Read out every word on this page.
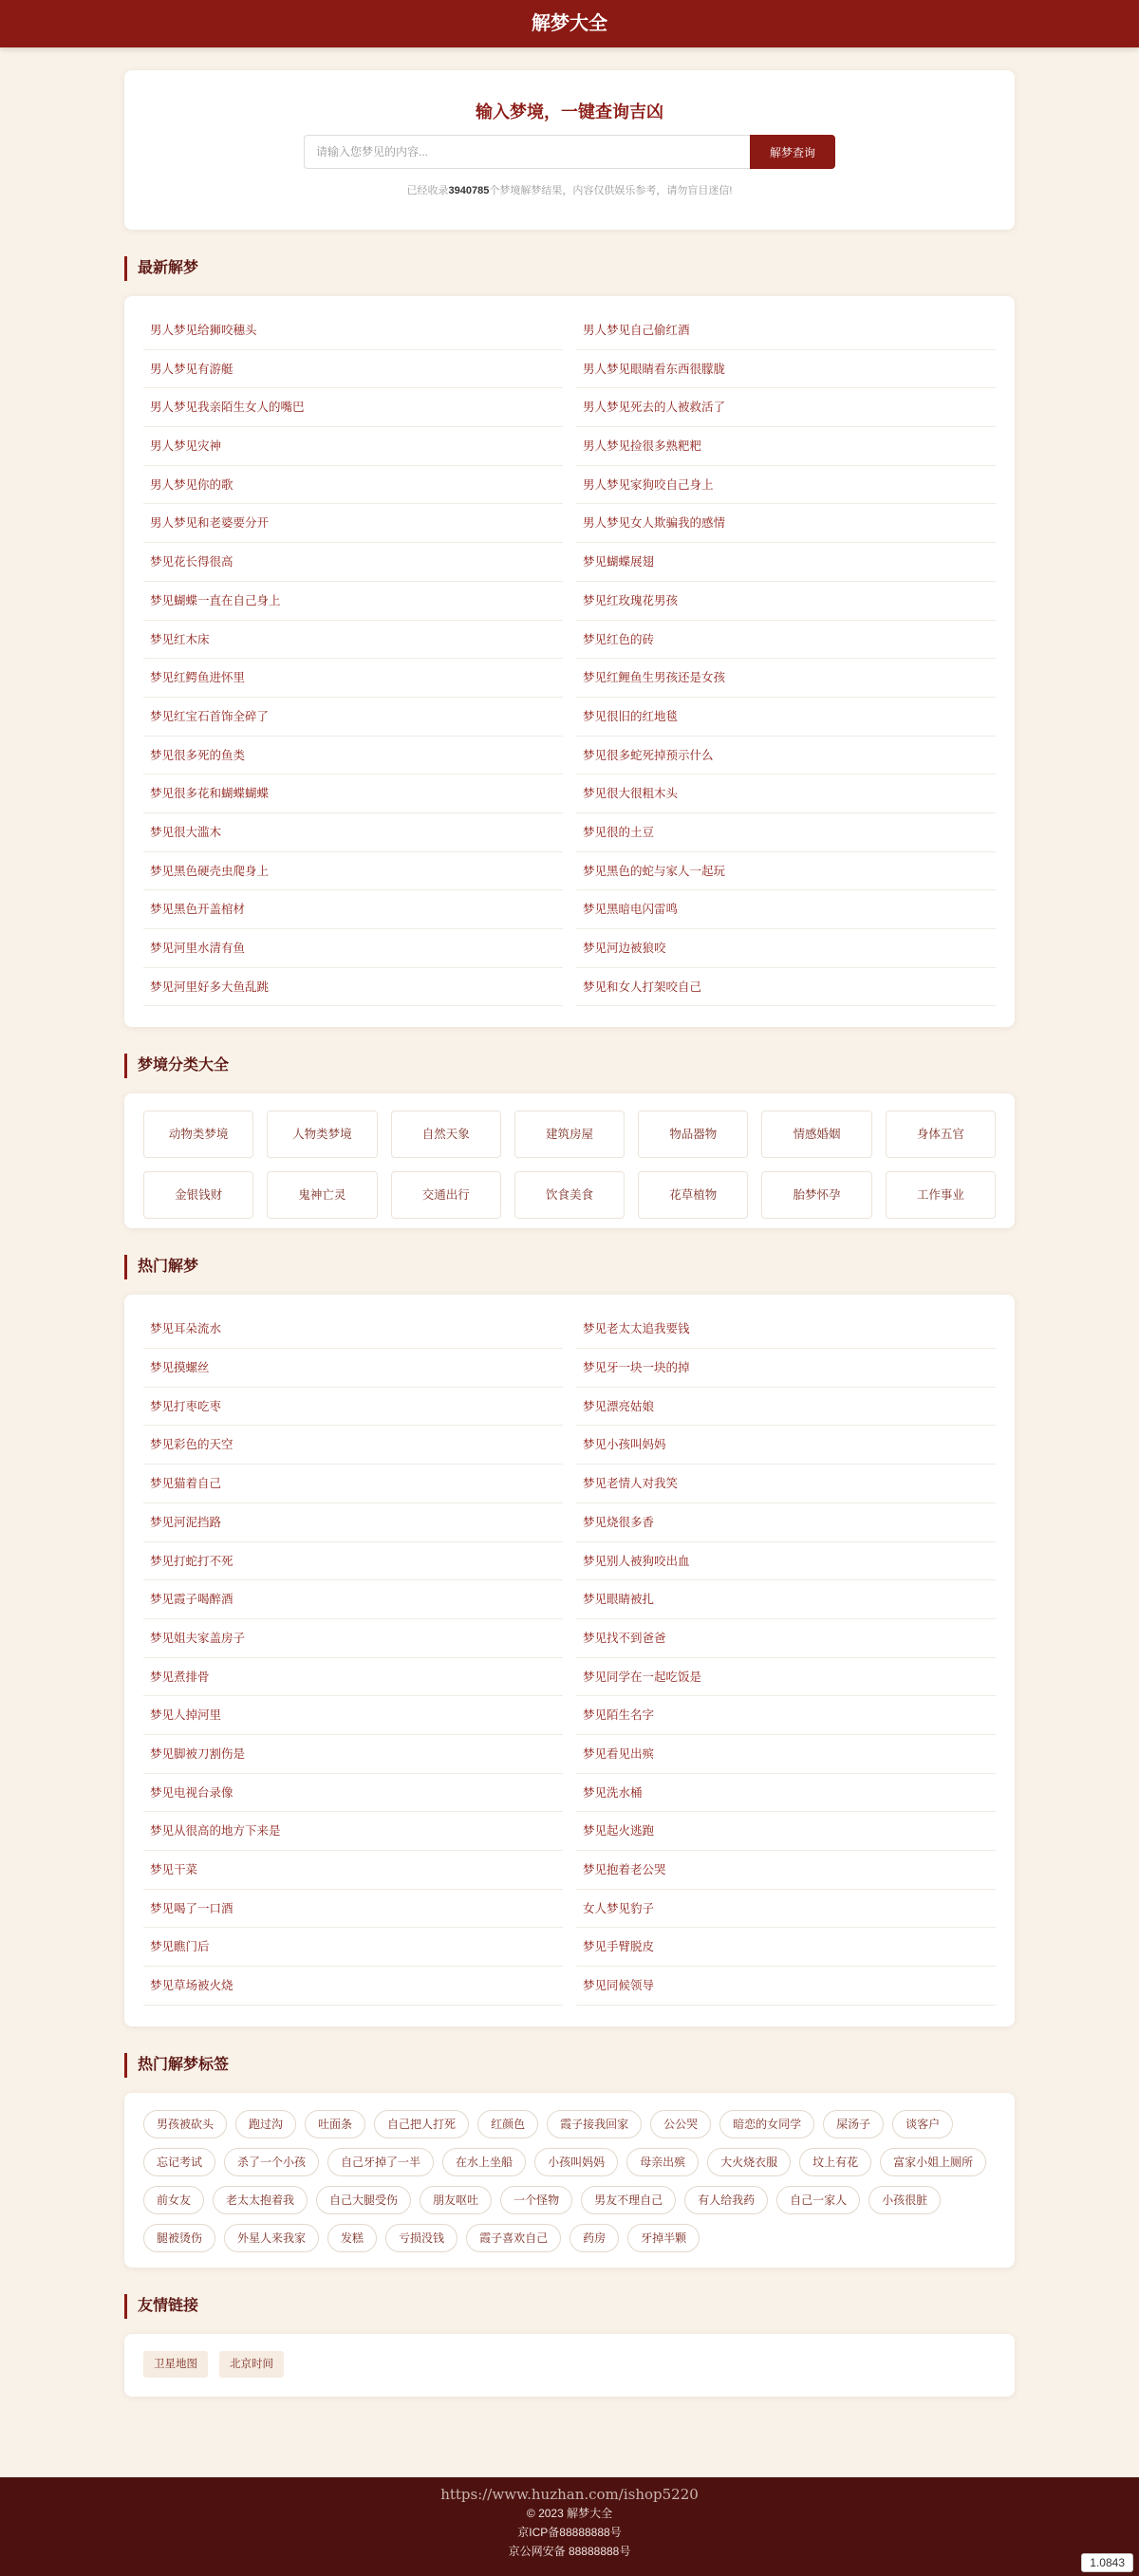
解梦大全
输入梦境，一键查询吉凶
请输入您梦见的内容...
解梦查询
已经收录3940785个梦境解梦结果，内容仅供娱乐参考，请勿盲目迷信!
最新解梦
男人梦见给狮咬穗头	男人梦见自己偷红酒
男人梦见有游艇	男人梦见眼睛看东西很朦胧
男人梦见我亲陌生女人的嘴巴	男人梦见死去的人被救活了
男人梦见灾神	男人梦见捡很多熟粑粑
男人梦见你的歌	男人梦见家狗咬自己身上
男人梦见和老婆要分开	男人梦见女人欺骗我的感情
梦见花长得很高	梦见蝴蝶展翅
梦见蝴蝶一直在自己身上	梦见红玫瑰花男孩
梦见红木床	梦见红色的砖
梦见红鳄鱼进怀里	梦见红鲤鱼生男孩还是女孩
梦见红宝石首饰全碎了	梦见很旧的红地毯
梦见很多死的鱼类	梦见很多蛇死掉预示什么
梦见很多花和蝴蝶蝴蝶	梦见很大很粗木头
梦见很大滥木	梦见很的土豆
梦见黑色硬壳虫爬身上	梦见黑色的蛇与家人一起玩
梦见黑色开盖棺材	梦见黑暗电闪雷鸣
梦见河里水清有鱼	梦见河边被狼咬
梦见河里好多大鱼乱跳	梦见和女人打架咬自己
梦境分类大全
动物类梦境	人物类梦境	自然天象	建筑房屋	物品器物	情感婚姻	身体五官
金银钱财	鬼神亡灵	交通出行	饮食美食	花草植物	胎梦怀孕	工作事业
热门解梦
梦见耳朵流水	梦见老太太追我要钱
梦见摸螺丝	梦见牙一块一块的掉
梦见打枣吃枣	梦见漂亮姑娘
梦见彩色的天空	梦见小孩叫妈妈
梦见猫着自己	梦见老情人对我笑
梦见河泥挡路	梦见烧很多香
梦见打蛇打不死	梦见别人被狗咬出血
梦见霞子喝醉酒	梦见眼睛被扎
梦见姐夫家盖房子	梦见找不到爸爸
梦见煮排骨	梦见同学在一起吃饭是
梦见人掉河里	梦见陌生名字
梦见脚被刀割伤是	梦见看见出殡
梦见电视台录像	梦见洗水桶
梦见从很高的地方下来是	梦见起火逃跑
梦见干菜	梦见抱着老公哭
梦见喝了一口酒	女人梦见豹子
梦见瞧门后	梦见手臂脱皮
梦见草场被火烧	梦见同候领导
热门解梦标签
男孩被砍头	跑过沟	吐面条	自己把人打死	红颜色	霞子接我回家	公公哭	暗恋的女同学	屎汤子	谈客户
忘记考试	杀了一个小孩	自己牙掉了一半	在水上坐船	小孩叫妈妈	母亲出殡	大火烧衣服	坟上有花	富家小姐上厕所
前女友	老太太抱着我	自己大腿受伤	朋友呕吐	一个怪物	男友不理自己	有人给我药	自己一家人	小孩很脏
腿被烫伤	外星人来我家	发糕	亏损没钱	霞子喜欢自己	药房	牙掉半颗
友情链接
卫星地图	北京时间
https://www.huzhan.com/ishop5220
© 2023 解梦大全
京ICP备88888888号
京公网安备 88888888号
1.0843
